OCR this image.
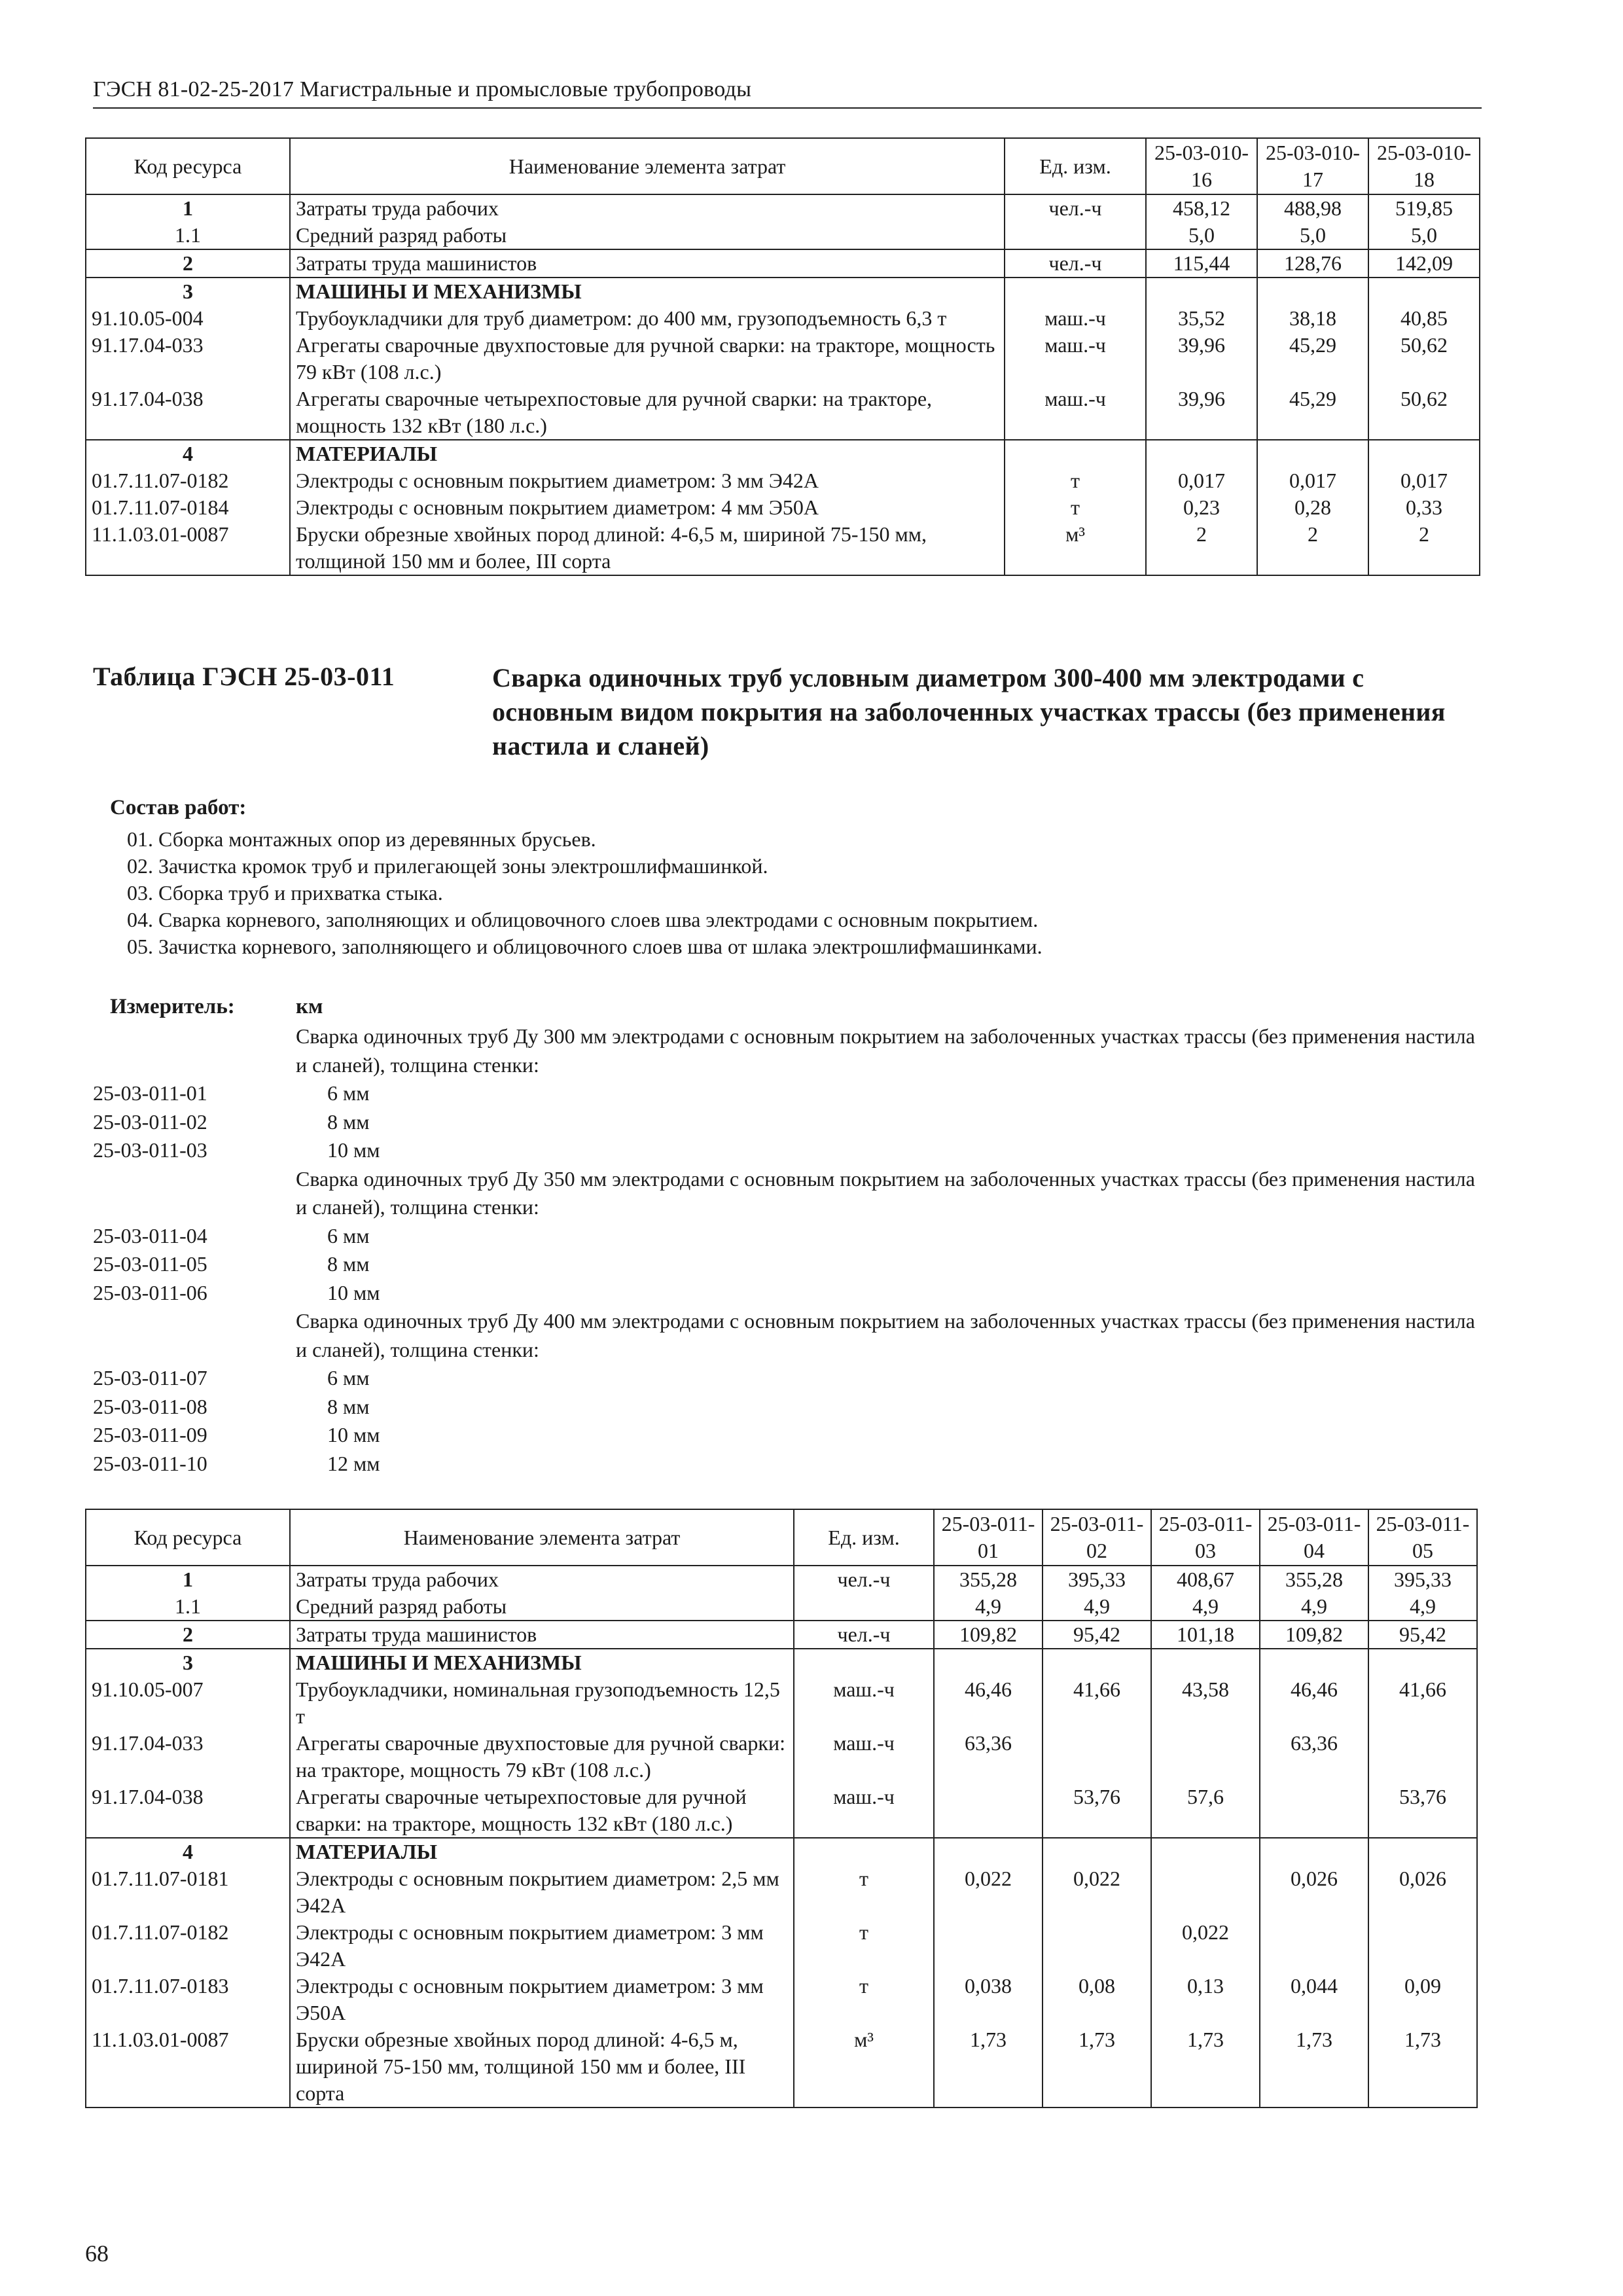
ГЭСН 81-02-25-2017 Магистральные и промысловые трубопроводы
Код ресурса	Наименование элемента затрат	Ед. изм.	25-03-010-16	25-03-010-17	25-03-010-18
1	Затраты труда рабочих	чел.-ч	458,12	488,98	519,85
1.1	Средний разряд работы		5,0	5,0	5,0
2	Затраты труда машинистов	чел.-ч	115,44	128,76	142,09
3	МАШИНЫ И МЕХАНИЗМЫ				
91.10.05-004	Трубоукладчики для труб диаметром: до 400 мм, грузоподъемность 6,3 т	маш.-ч	35,52	38,18	40,85
91.17.04-033	Агрегаты сварочные двухпостовые для ручной сварки: на тракторе, мощность 79 кВт (108 л.с.)	маш.-ч	39,96	45,29	50,62
91.17.04-038	Агрегаты сварочные четырехпостовые для ручной сварки: на тракторе, мощность 132 кВт (180 л.с.)	маш.-ч	39,96	45,29	50,62
4	МАТЕРИАЛЫ				
01.7.11.07-0182	Электроды с основным покрытием диаметром: 3 мм Э42А	т	0,017	0,017	0,017
01.7.11.07-0184	Электроды с основным покрытием диаметром: 4 мм Э50А	т	0,23	0,28	0,33
11.1.03.01-0087	Бруски обрезные хвойных пород длиной: 4-6,5 м, шириной 75-150 мм, толщиной 150 мм и более, III сорта	м³	2	2	2
Таблица ГЭСН 25-03-011	Сварка одиночных труб условным диаметром 300-400 мм электродами с основным видом покрытия на заболоченных участках трассы (без применения настила и сланей)
Состав работ:
01. Сборка монтажных опор из деревянных брусьев.
02. Зачистка кромок труб и прилегающей зоны электрошлифмашинкой.
03. Сборка труб и прихватка стыка.
04. Сварка корневого, заполняющих и облицовочного слоев шва электродами с основным покрытием.
05. Зачистка корневого, заполняющего и облицовочного слоев шва от шлака электрошлифмашинками.
Измеритель:	км
Сварка одиночных труб Ду 300 мм электродами с основным покрытием на заболоченных участках трассы (без применения настила и сланей), толщина стенки:
25-03-011-01	6 мм
25-03-011-02	8 мм
25-03-011-03	10 мм
Сварка одиночных труб Ду 350 мм электродами с основным покрытием на заболоченных участках трассы (без применения настила и сланей), толщина стенки:
25-03-011-04	6 мм
25-03-011-05	8 мм
25-03-011-06	10 мм
Сварка одиночных труб Ду 400 мм электродами с основным покрытием на заболоченных участках трассы (без применения настила и сланей), толщина стенки:
25-03-011-07	6 мм
25-03-011-08	8 мм
25-03-011-09	10 мм
25-03-011-10	12 мм
Код ресурса	Наименование элемента затрат	Ед. изм.	25-03-011-01	25-03-011-02	25-03-011-03	25-03-011-04	25-03-011-05
1	Затраты труда рабочих	чел.-ч	355,28	395,33	408,67	355,28	395,33
1.1	Средний разряд работы		4,9	4,9	4,9	4,9	4,9
2	Затраты труда машинистов	чел.-ч	109,82	95,42	101,18	109,82	95,42
3	МАШИНЫ И МЕХАНИЗМЫ						
91.10.05-007	Трубоукладчики, номинальная грузоподъемность 12,5 т	маш.-ч	46,46	41,66	43,58	46,46	41,66
91.17.04-033	Агрегаты сварочные двухпостовые для ручной сварки: на тракторе, мощность 79 кВт (108 л.с.)	маш.-ч	63,36			63,36	
91.17.04-038	Агрегаты сварочные четырехпостовые для ручной сварки: на тракторе, мощность 132 кВт (180 л.с.)	маш.-ч		53,76	57,6		53,76
4	МАТЕРИАЛЫ						
01.7.11.07-0181	Электроды с основным покрытием диаметром: 2,5 мм Э42А	т	0,022	0,022		0,026	0,026
01.7.11.07-0182	Электроды с основным покрытием диаметром: 3 мм Э42А	т			0,022		
01.7.11.07-0183	Электроды с основным покрытием диаметром: 3 мм Э50А	т	0,038	0,08	0,13	0,044	0,09
11.1.03.01-0087	Бруски обрезные хвойных пород длиной: 4-6,5 м, шириной 75-150 мм, толщиной 150 мм и более, III сорта	м³	1,73	1,73	1,73	1,73	1,73
68
